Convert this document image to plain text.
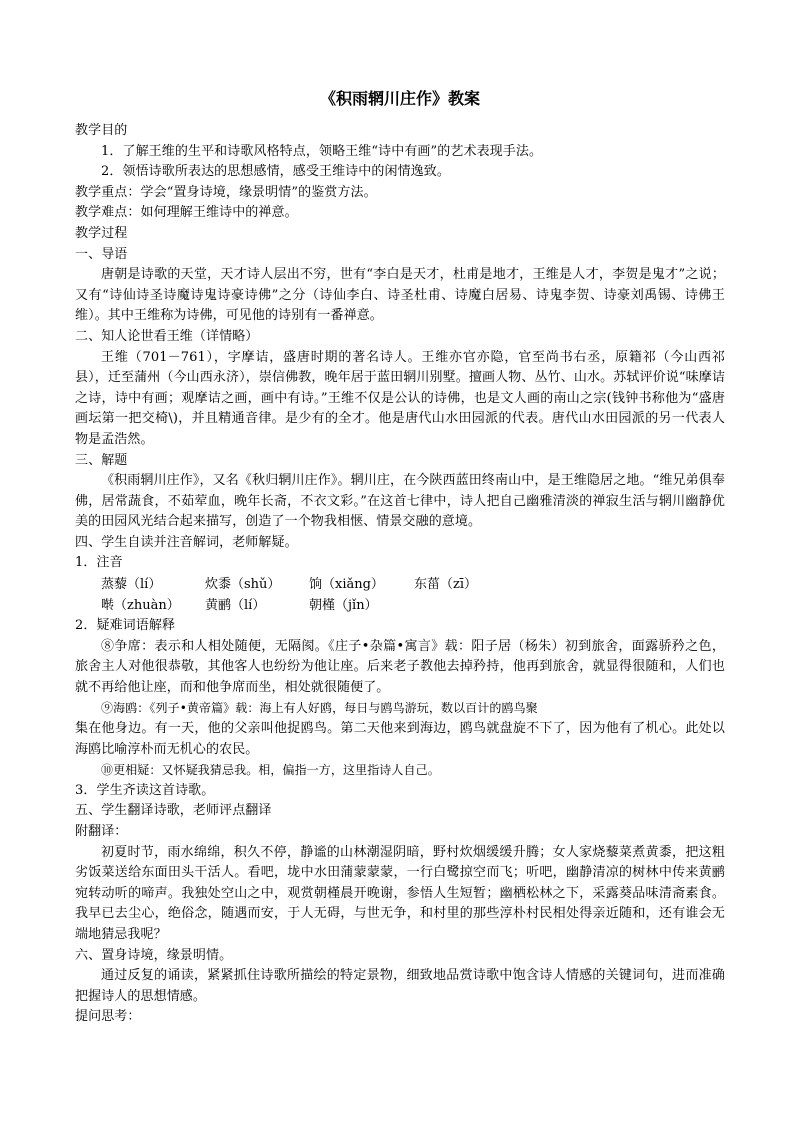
《积雨辋川庄作》教案

教学目的

1．了解王维的生平和诗歌风格特点，领略王维“诗中有画”的艺术表现手法。

2．领悟诗歌所表达的思想感情，感受王维诗中的闲情逸致。

教学重点：学会“置身诗境，缘景明情”的鉴赏方法。

教学难点：如何理解王维诗中的禅意。

教学过程

一、导语

唐朝是诗歌的天堂，天才诗人层出不穷，世有“李白是天才，杜甫是地才，王维是人才，李贺是鬼才”之说；又有“诗仙诗圣诗魔诗鬼诗豪诗佛”之分（诗仙李白、诗圣杜甫、诗魔白居易、诗鬼李贺、诗豪刘禹锡、诗佛王维）。其中王维称为诗佛，可见他的诗别有一番禅意。

二、知人论世看王维（详情略）

王维（701－761），字摩诘，盛唐时期的著名诗人。王维亦官亦隐，官至尚书右丞，原籍祁（今山西祁县），迁至蒲州（今山西永济），崇信佛教，晚年居于蓝田辋川别墅。擅画人物、丛竹、山水。苏轼评价说“味摩诘之诗，诗中有画；观摩诘之画，画中有诗。”王维不仅是公认的诗佛，也是文人画的南山之宗(钱钟书称他为“盛唐画坛第一把交椅\)，并且精通音律。是少有的全才。他是唐代山水田园派的代表。唐代山水田园派的另一代表人物是孟浩然。

三、解题

《积雨辋川庄作》，又名《秋归辋川庄作》。辋川庄，在今陕西蓝田终南山中，是王维隐居之地。“维兄弟俱奉佛，居常蔬食，不茹荤血，晚年长斋，不衣文彩。”在这首七律中，诗人把自己幽雅清淡的禅寂生活与辋川幽静优美的田园风光结合起来描写，创造了一个物我相惬、情景交融的意境。

四、学生自读并注音解词，老师解疑。

1．注音

蒸藜（lí）	炊黍（shǔ）	饷（xiǎng）	东菑（zī）
啭（zhuàn）	黄鹂（lí）	朝槿（jǐn）

2．疑难词语解释

⑧争席：表示和人相处随便，无隔阂。《庄子•杂篇•寓言》载：阳子居（杨朱）初到旅舍，面露骄矜之色，旅舍主人对他很恭敬，其他客人也纷纷为他让座。后来老子教他去掉矜持，他再到旅舍，就显得很随和，人们也就不再给他让座，而和他争席而坐，相处就很随便了。

⑨海鸥：《列子•黄帝篇》载：海上有人好鸥，每日与鸥鸟游玩，数以百计的鸥鸟聚

集在他身边。有一天，他的父亲叫他捉鸥鸟。第二天他来到海边，鸥鸟就盘旋不下了，因为他有了机心。此处以海鸥比喻淳朴而无机心的农民。

⑩更相疑：又怀疑我猜忌我。相，偏指一方，这里指诗人自己。

3．学生齐读这首诗歌。

五、学生翻译诗歌，老师评点翻译

附翻译：

初夏时节，雨水绵绵，积久不停，静谧的山林潮湿阴暗，野村炊烟缓缓升腾；女人家烧藜菜煮黄黍，把这粗劣饭菜送给东面田头干活人。看吧，垅中水田蒲蒙蒙蒙，一行白鹭掠空而飞；听吧，幽静清凉的树林中传来黄鹂宛转动听的啼声。我独处空山之中，观赏朝槿晨开晚谢，参悟人生短暂；幽栖松林之下，采露葵品味清斋素食。我早已去尘心，绝俗念，随遇而安，于人无碍，与世无争，和村里的那些淳朴村民相处得亲近随和，还有谁会无端地猜忌我呢？

六、置身诗境，缘景明情。

通过反复的诵读，紧紧抓住诗歌所描绘的特定景物，细致地品赏诗歌中饱含诗人情感的关键词句，进而准确把握诗人的思想情感。

提问思考：
